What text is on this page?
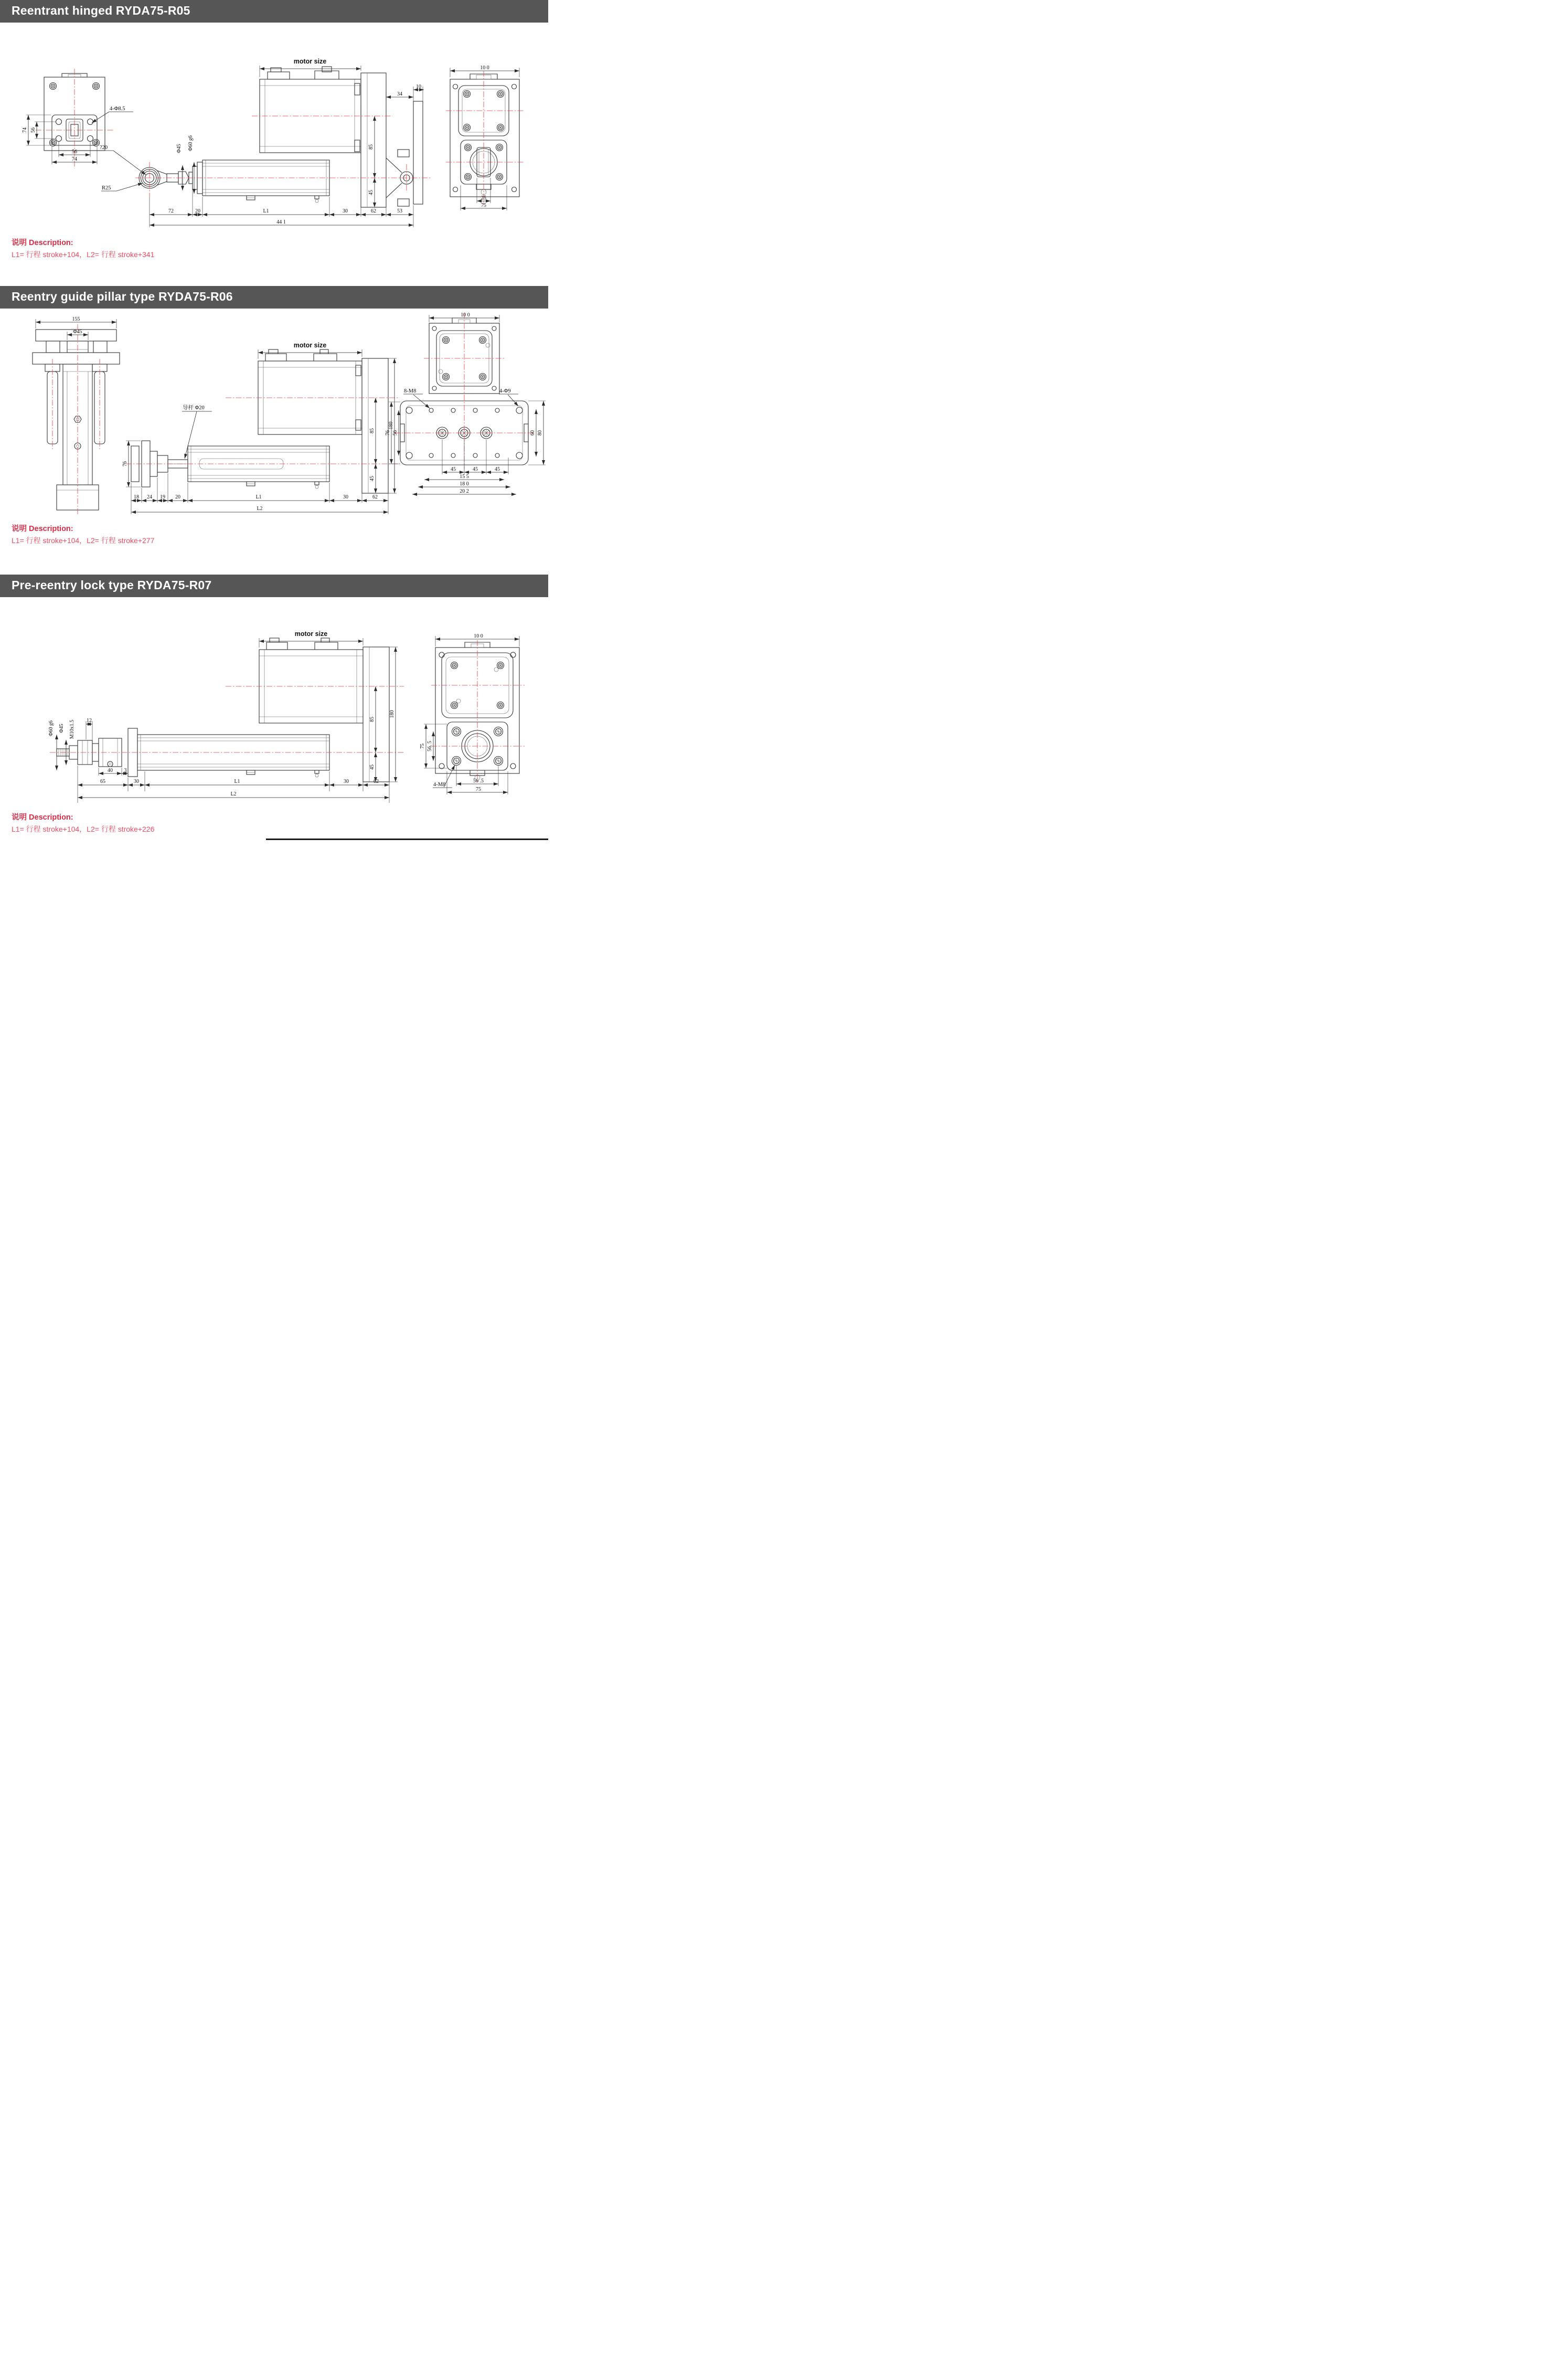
Reentrant hinged RYDA75-R05
74 56
56
74
4-Φ8.5
?20
R25
motor size
Φ45 Φ60 g6
34
10
85
45
72	20	L1	30	62	53
44 1
10 0
25
75
说明 Description:
L1= 行程 stroke+104，L2= 行程 stroke+341
Reentry guide pillar type RYDA75-R06
155
Φ45
motor size
导杆 Φ20
76
85
45
180
18 24 19 20	L1	30	62
L2
10 0
8-M8	4-Φ9
76 56	60 80
45	45	45
15 5
18 0
20 2
说明 Description:
L1= 行程 stroke+104，L2= 行程 stroke+277
Pre-reentry lock type RYDA75-R07
motor size
12
Φ60 g6 Φ45 M10x1.5
85
45
180
40 3
65	30	L1	30	62
L2
10 0
75 56. 5
4-M8
56 .5
75
说明 Description:
L1= 行程 stroke+104，L2= 行程 stroke+226
